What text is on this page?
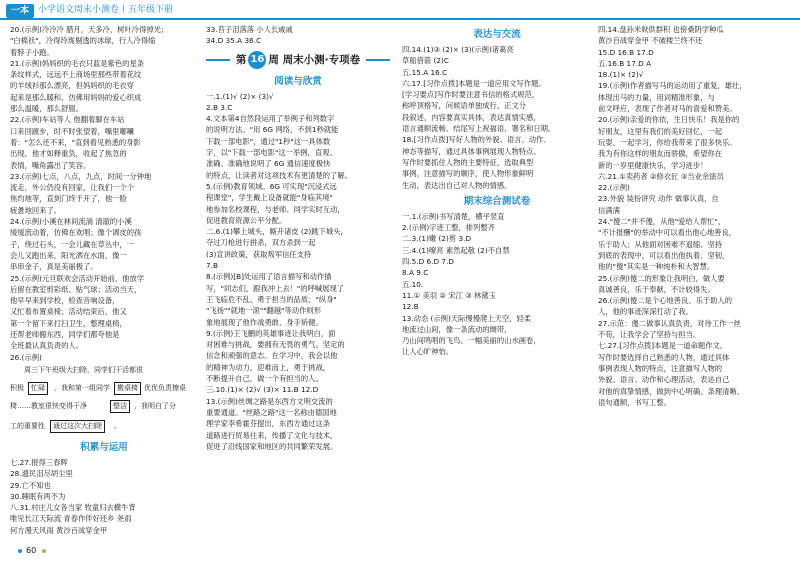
一本 小学语文周末小测卷丨五年级下册
20.(示例)冷冷冷 腊月，天多冷，树叶冷得掉光；
"白棉袄"，冷得玲珑剔透的冰球，行人冷得缩
着脖子小跑。
21.(示例)妈妈织的毛衣只蓝是紫色的星条
条纹样式，远远不上商场里那些带着花纹
的羊绒衫那么漂亮，但妈妈织的毛衣穿
起来是那么暖和，仿佛用妈妈的爱心织成
那么温暖，那么舒服。
22.(示例)车站等人 他翻着脚在车站
口来回踱步，时不时张望着，嘴里嘟囔
着："怎么还不来，"直到看见熟悉的身影
出现，他才如释重负，收起了焦急的
表情，嘴角露出了笑容。
23.(示例)七点，八点，九点，时间一分钟地
流走，外公仍没有回家，让我们一个个
焦灼地等，直到门终于开了，他一脸
疲惫地回来了。
24.(示例)小溪在林间流淌 清澈的小溪
缓缓流动着，仿佛在欢唱；像个调皮的孩
子，绕过石头，一会儿藏在草丛中，一
会儿又跑出来，阳光洒在水面，像一
串串金子，真是美丽极了。
25.(示例)元旦联欢会活动开始前，他放学
后留在教室剪彩纸、贴气球；活动当天，
他早早来到学校，检查音响设备，
又忙着布置桌椅；活动结束后，他又
第一个留下来打扫卫生，整理桌椅，
还帮老师搬东西，同学们都夸他是
全班最认真负责的人。
26.(示例)
周三下午班级大扫除，同学们干活都很
积极	忙碌	，我和第一组同学	搬桌椅 优优负责擦桌
椅……教室很快变得干净	整洁	，我明白了分
工的重要性	通过这次大扫除	。
积累与运用
七.27.报得三春晖
28.遗民泪尽胡尘里
29.亡不知也
30.睡眠有两不为
八.31.村庄儿女各当家 牧童归去横牛背
唯见长江天际流 青春作伴好还乡 尧雨
何方漫天风雨 黄沙百战穿金甲
33.苔子泪落落 小人长戚戚
34.D 35.A 36.C
第 16 周 周末小测·专项卷
阅读与欣赏
一.1.(1)√ (2)× (3)√
2.B 3.C
4.文本第4自然段运用了举例子和列数字
的说明方法。"用 6G 网络，不到1秒就能
下载一部电影"，通过"1秒"这一具体数
字，以"下载一部电影"这一举例，直观、
准确、准确地说明了 6G 通信速度极快
的特点，让读者对这项技术有更清楚的了解。
5.(示例)教育领域。6G 可实现"沉浸式远
程课堂"，学生戴上设备就能"身临其境"
地参加名校课程，与老师、同学实时互动，
促进教育资源公平分配。
二.6.(1)攀上城头，厮开诸皮 (2)跳下城头，
夺过刀枪进行拼杀，双方杀到一起
(3)宣讲政策，获取叛军信任支持
7.B
8.(示例)[B]处运用了语言描写和动作描
写，"同志们，跟我冲上去！"的呼喊展现了
王飞临危不乱、勇于担当的品质；"纵身"
"飞扬""就地一滚""翻越"等动作则形
象地展现了他作战勇敢、身手矫健。
9.(示例)王飞鹏的英雄事迹让我明白，面
对困难与挑战，要拥有无畏的勇气、坚定的
信念和顽强的意志。在学习中，我会以他
的精神为动力，迎难而上，勇于挑战，
不断提升自己，做一个有担当的人。
三.10.(1)× (2)√ (3)× 11.B 12.D
13.(示例)丝绸之路是东西方文明交流的
重要通道。"丝路之路"这一名称由德国地
理学家李希霍芬提出，东西方通过这条
道路进行贸易往来，传播了文化与技术，
促进了沿线国家和地区的共同繁荣发展。
表达与交流
四.14.(1)③ (2)× (3)(示例)诸葛亮
草船借箭 (2)C
五.15.A 16.C
六.17.[习作点拨]本题是一道应用文写作题。
[学习要点]写作时要注意书信的格式规范，
称呼顶格写，问候语单独成行，正文分
段叙述，内容要真实具体，表达真情实感，
语言通顺流畅。结尾写上祝福语、署名和日期。
18.[习作点拨]写好人物的外貌、语言、动作、
神态等描写，通过具体事例展现人物特点。
写作时要抓住人物的主要特征，选取典型
事例，注意描写的顺序，使人物形象鲜明
生动，表达出自己对人物的情感。
期末综合测试卷
一.1.(示例)书写清楚，横平竖直
2.(示例)字迹工整，排列整齐
二.3.(1)嫩 (2)剪 3.D
三.4.(1)嘹亮 素然起敬 (2)不自禁
四.5.D 6.D 7.D
8.A 9.C
五.10.
11.① 美羽 ② 宋江 ③ 林黛玉
12.B
13.动态 (示例)天际慢慢爬上天空，轻柔
地流过山间，像一条流动的绸带，
乃山间鸣唱的飞鸟、一幅美丽的山水画卷，
让人心旷神怡。
四.14.盘孙米麸供群积 也傍桑阴学种瓜
黄沙百战穿金甲 不破楼兰终不还
15.D 16.B 17.D
五.16.B 17.D A
18.(1)× (2)√
19.(示例)作者描写马的运动用了重复，雄壮，
体现出马的力量，用词精准形象，与
前文呼应，表现了作者对马的喜爱和赞美。
20.(示例)亲爱的你依，生日快乐！我是你的
好朋友，这里有我们的美好回忆，一起
玩耍、一起学习，你给我带来了很多快乐。
我为有你这样的朋友而骄傲，希望你在
新的一岁里健康快乐，学习进步！
六.21.①卖药者 ②修衣匠 ③当业余演员
22.(示例)
23.外貌 装扮讲究 动作 做事认真，自
信满满
24."傻二"并不傻，从他"爱给人帮忙"，
"不计报酬"的举动中可以看出他心地善良，
乐于助人；从他面对困难不退缩、坚持
到底的表现中，可以看出他执着、坚韧，
他的"傻"其实是一种纯朴和大智慧。
25.(示例)傻二的形象让我明白，做人要
真诚善良，乐于奉献，不计较得失。
26.(示例)傻二是个心地善良、乐于助人的
人，他的事迹深深打动了我。
27.示范：傻二做事认真负责，对待工作一丝
不苟，让我学会了坚持与担当。
七.27.[习作点拨]本题是一道命题作文。
写作时要选择自己熟悉的人物，通过具体
事例表现人物的特点，注意描写人物的
外貌、语言、动作和心理活动，表达自己
对他的真挚情感，做到中心明确、条理清晰、
语句通顺，书写工整。
60
